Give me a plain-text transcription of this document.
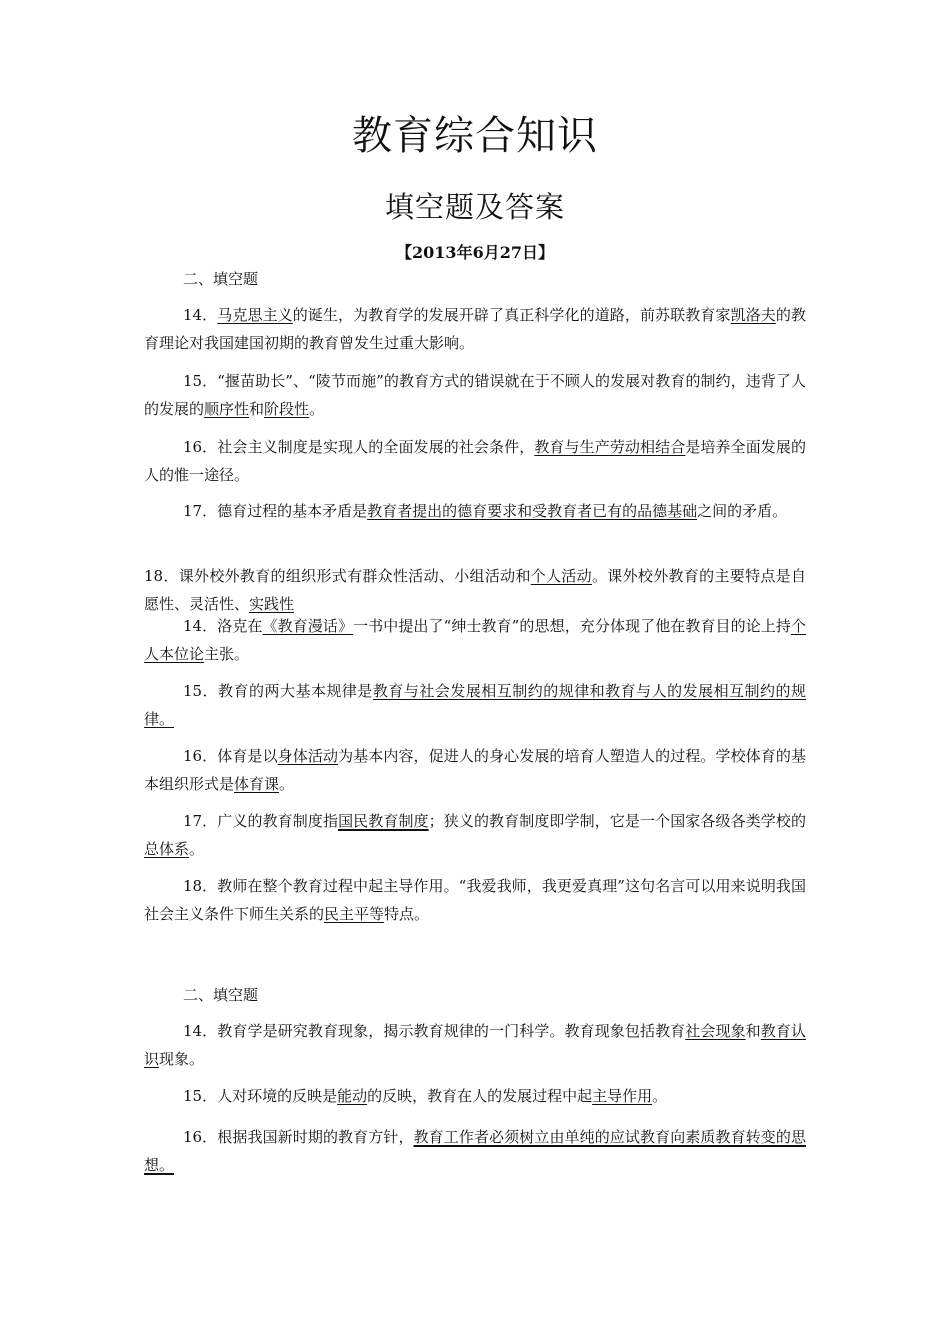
教育综合知识
填空题及答案
【2013年6月27日】
二、填空题
14．马克思主义的诞生，为教育学的发展开辟了真正科学化的道路，前苏联教育家凯洛夫的教育理论对我国建国初期的教育曾发生过重大影响。
15．“揠苗助长”、“陵节而施”的教育方式的错误就在于不顾人的发展对教育的制约，违背了人的发展的顺序性和阶段性。
16．社会主义制度是实现人的全面发展的社会条件，教育与生产劳动相结合是培养全面发展的人的惟一途径。
17．德育过程的基本矛盾是教育者提出的德育要求和受教育者已有的品德基础之间的矛盾。
18．课外校外教育的组织形式有群众性活动、小组活动和个人活动。课外校外教育的主要特点是自愿性、灵活性、实践性
14．洛克在《教育漫话》一书中提出了“绅士教育”的思想，充分体现了他在教育目的论上持个人本位论主张。
15．教育的两大基本规律是教育与社会发展相互制约的规律和教育与人的发展相互制约的规律。
16．体育是以身体活动为基本内容，促进人的身心发展的培育人塑造人的过程。学校体育的基本组织形式是体育课。
17．广义的教育制度指国民教育制度；狭义的教育制度即学制，它是一个国家各级各类学校的总体系。
18．教师在整个教育过程中起主导作用。“我爱我师，我更爱真理”这句名言可以用来说明我国社会主义条件下师生关系的民主平等特点。
二、填空题
14．教育学是研究教育现象，揭示教育规律的一门科学。教育现象包括教育社会现象和教育认识现象。
15．人对环境的反映是能动的反映，教育在人的发展过程中起主导作用。
16．根据我国新时期的教育方针，教育工作者必须树立由单纯的应试教育向素质教育转变的思想。
